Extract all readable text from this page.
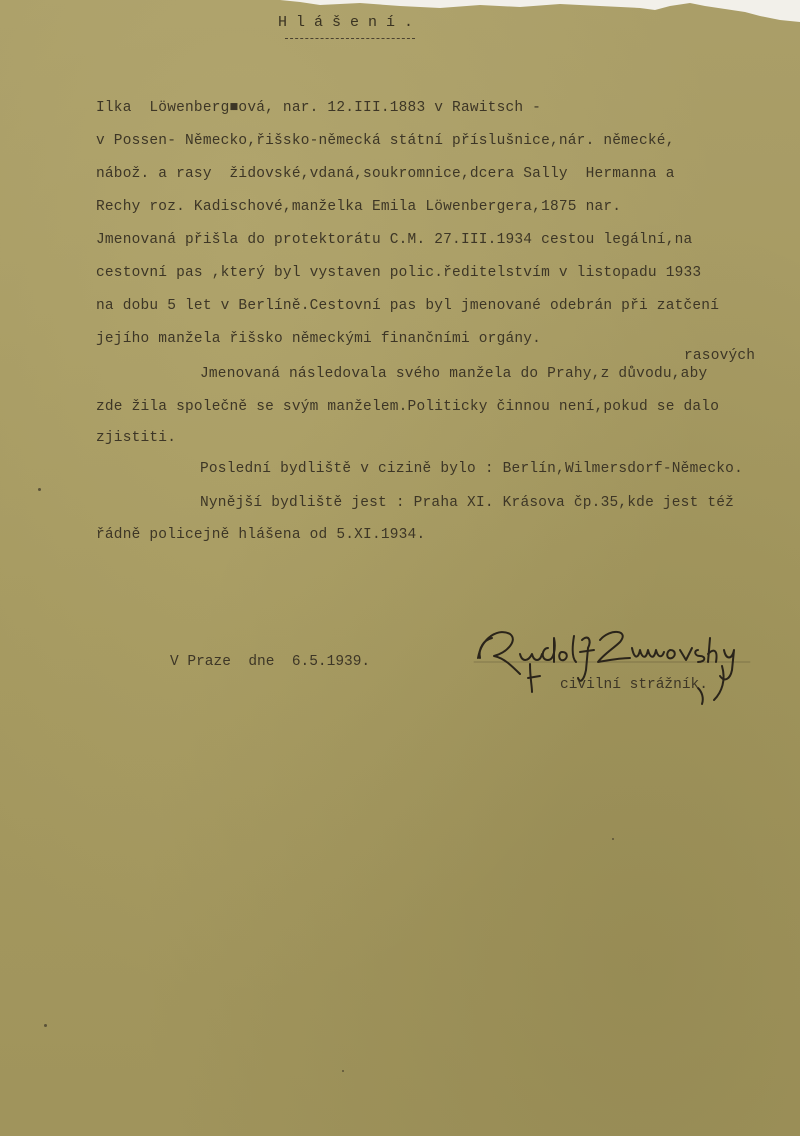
Hlášení.
Ilka  Löwenberg■ová, nar. 12.III.1883 v Rawitsch -
v Possen- Německo,řišsko-německá státní příslušnice,nár. německé,
nábož. a rasy  židovské,vdaná,soukromnice,dcera Sally  Hermanna a
Rechy roz. Kadischové,manželka Emila Löwenbergera,1875 nar.
Jmenovaná přišla do protektorátu C.M. 27.III.1934 cestou legální,na
cestovní pas ,který byl vystaven polic.ředitelstvím v listopadu 1933
na dobu 5 let v Berlíně.Cestovní pas byl jmenované odebrán při zatčení
jejího manžela řišsko německými finančními orgány.
rasových
Jmenovaná následovala svého manžela do Prahy,z důvodu,aby
zde žila společně se svým manželem.Politicky činnou není,pokud se dalo
zjistiti.
Poslední bydliště v cizině bylo : Berlín,Wilmersdorf-Německo.
Nynější bydliště jest : Praha XI. Krásova čp.35,kde jest též
řádně policejně hlášena od 5.XI.1934.
V Praze  dne  6.5.1939.
civilní strážník.
